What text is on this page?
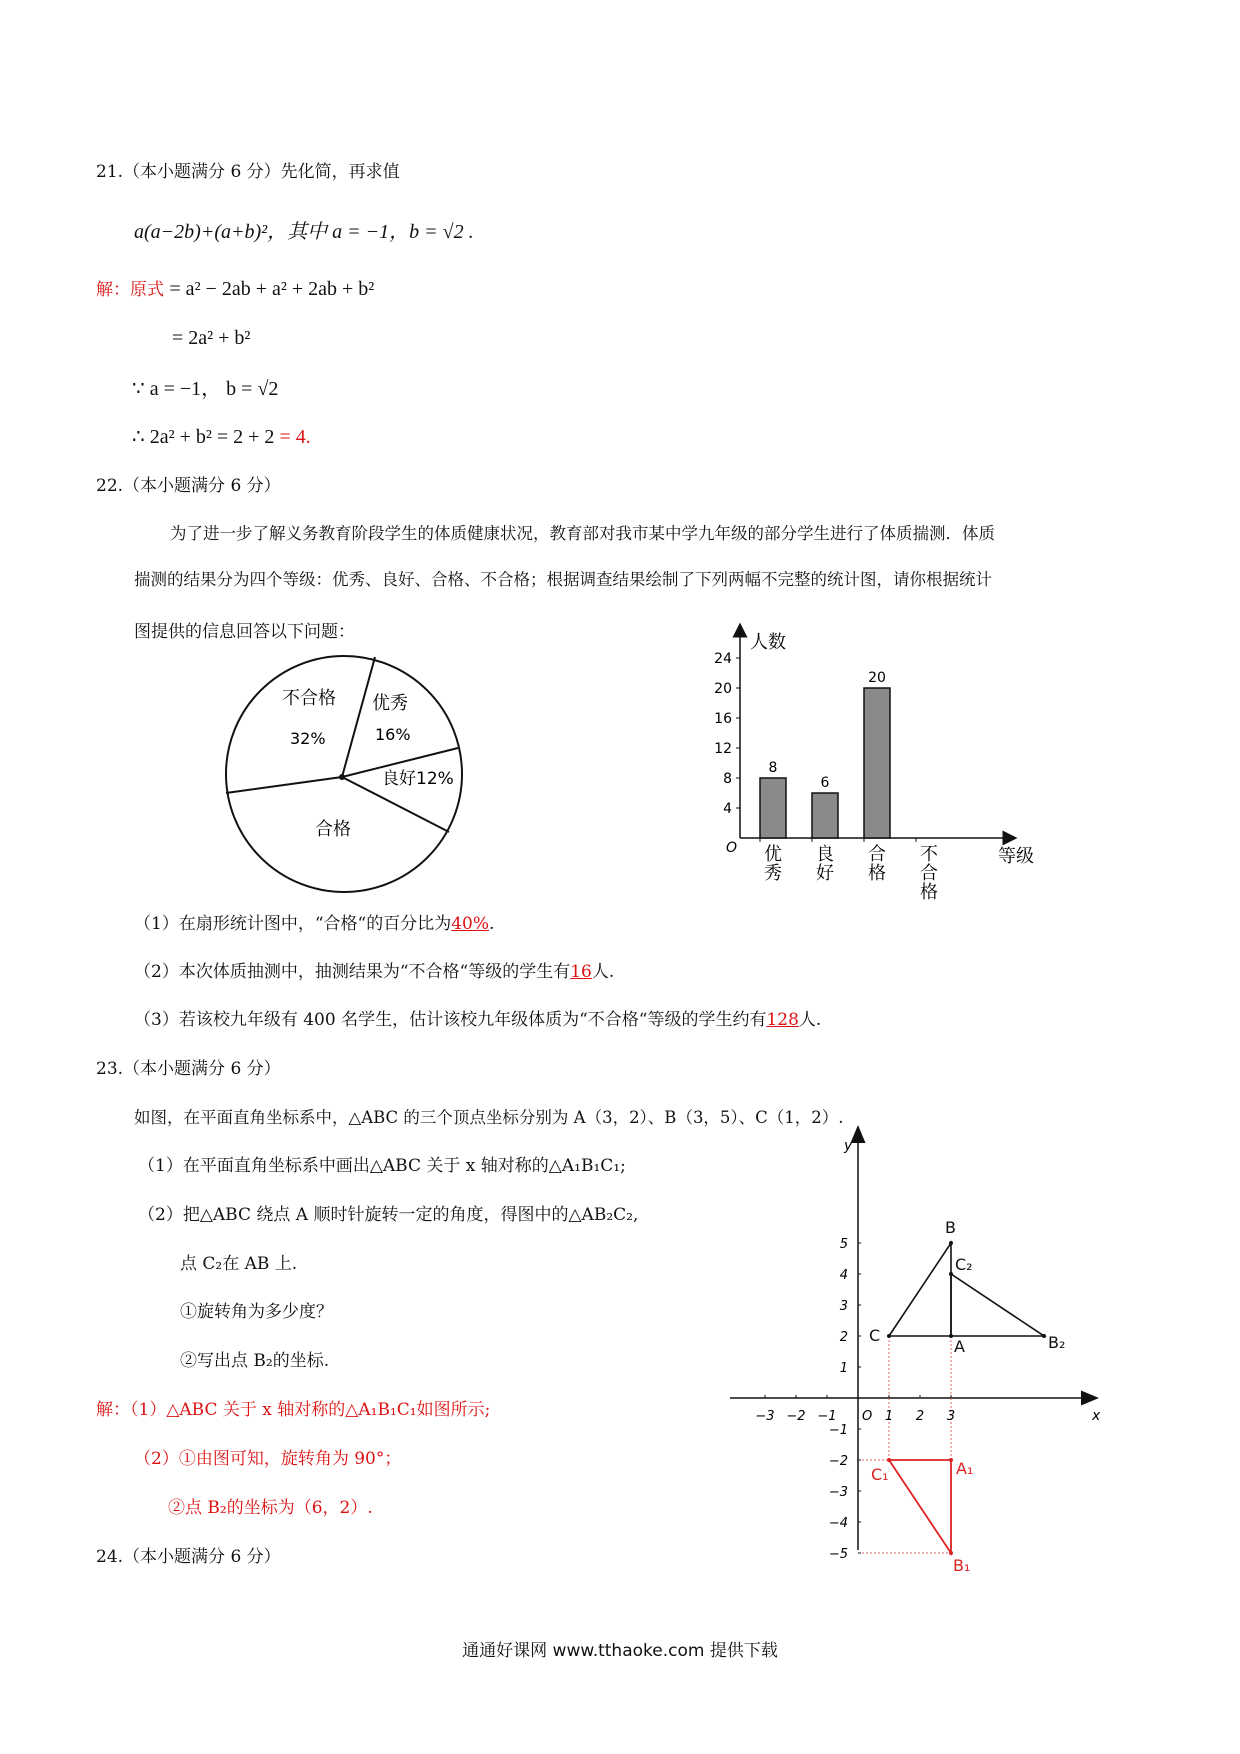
21.（本小题满分 6 分）先化简，再求值
a(a−2b)+(a+b)²，其中 a = −1，b = √2 .
解：原式 = a² − 2ab + a² + 2ab + b²
= 2a² + b²
∵ a = −1， b = √2
∴ 2a² + b² = 2 + 2 = 4.
22.（本小题满分 6 分）
为了进一步了解义务教育阶段学生的体质健康状况，教育部对我市某中学九年级的部分学生进行了体质揣测．体质
揣测的结果分为四个等级：优秀、良好、合格、不合格；根据调查结果绘制了下列两幅不完整的统计图，请你根据统计
图提供的信息回答以下问题：
不合格
32%
优秀
16%
良好12%
合格
人数
等级
O
4
8
12
16
20
24
8
6
20
优
秀
良
好
合
格
不
合
格
（1）在扇形统计图中，“合格“的百分比为40%.
（2）本次体质抽测中，抽测结果为“不合格“等级的学生有16人.
（3）若该校九年级有 400 名学生，估计该校九年级体质为“不合格“等级的学生约有128人.
23.（本小题满分 6 分）
如图，在平面直角坐标系中，△ABC 的三个顶点坐标分别为 A（3，2）、B（3，5）、C（1，2）.
（1）在平面直角坐标系中画出△ABC 关于 x 轴对称的△A₁B₁C₁;
（2）把△ABC 绕点 A 顺时针旋转一定的角度，得图中的△AB₂C₂,
点 C₂在 AB 上.
①旋转角为多少度？
②写出点 B₂的坐标.
解：（1）△ABC 关于 x 轴对称的△A₁B₁C₁如图所示;
（2）①由图可知，旋转角为 90°；
②点 B₂的坐标为（6，2）.
−3 −2 −1	1 2 3
5
4
3
2
1
−1
−2
−3
−4
−5
O	x
y
B
C₂
C
A	B₂
C₁	A₁
B₁
24.（本小题满分 6 分）
通通好课网 www.tthaoke.com 提供下载
